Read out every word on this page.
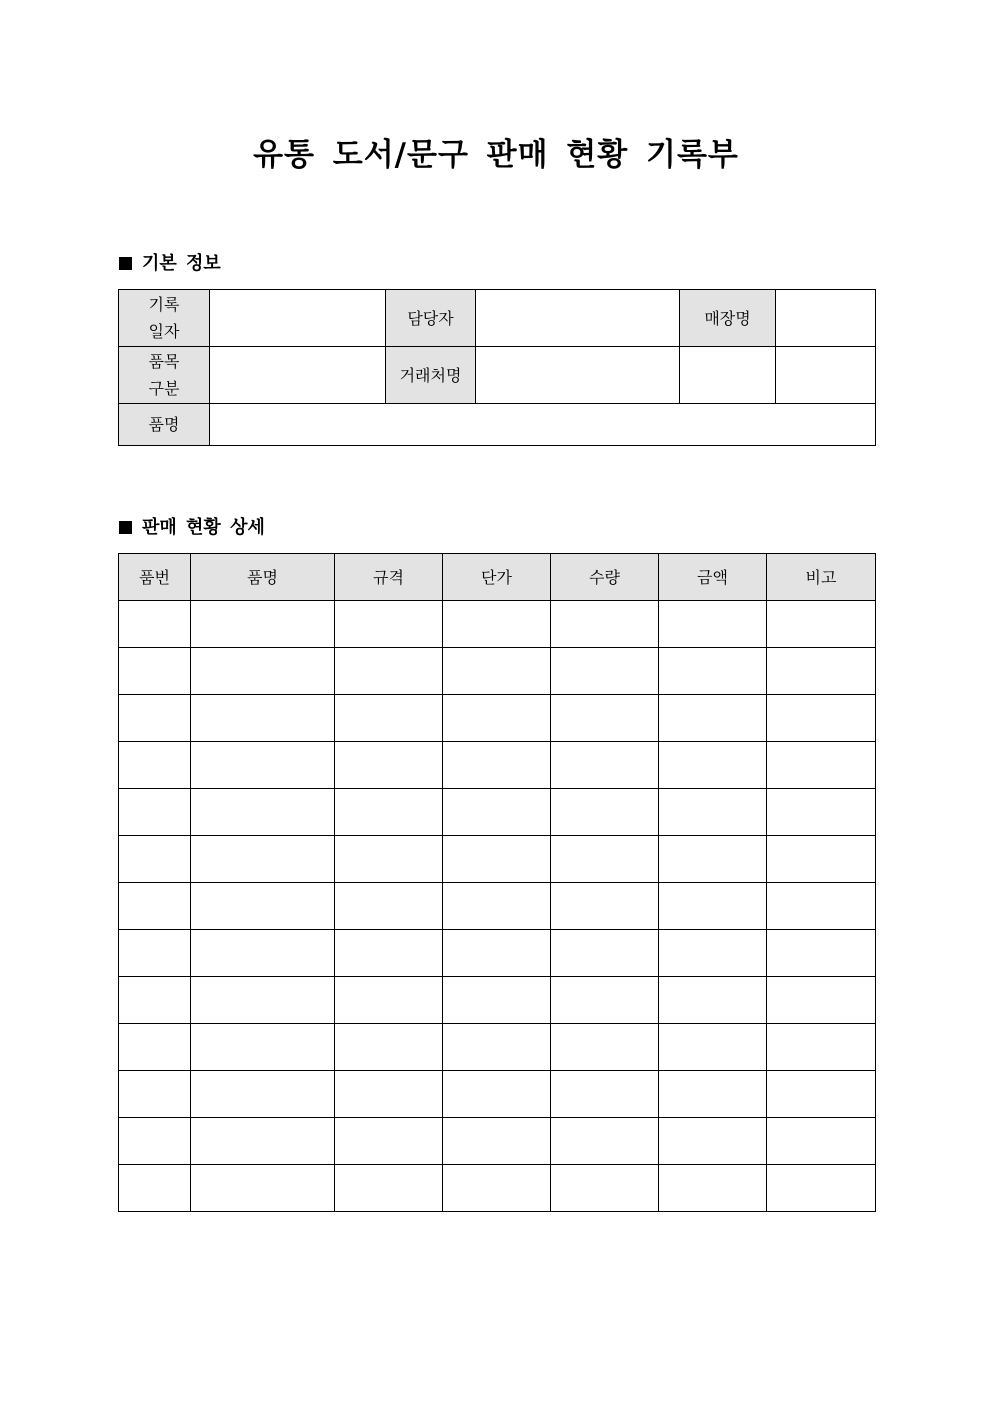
유통 도서/문구 판매 현황 기록부
기본 정보
기록
일자		담당자		매장명	
품목
구분		거래처명			
품명					
판매 현황 상세
품번	품명	규격	단가	수량	금액	비고
